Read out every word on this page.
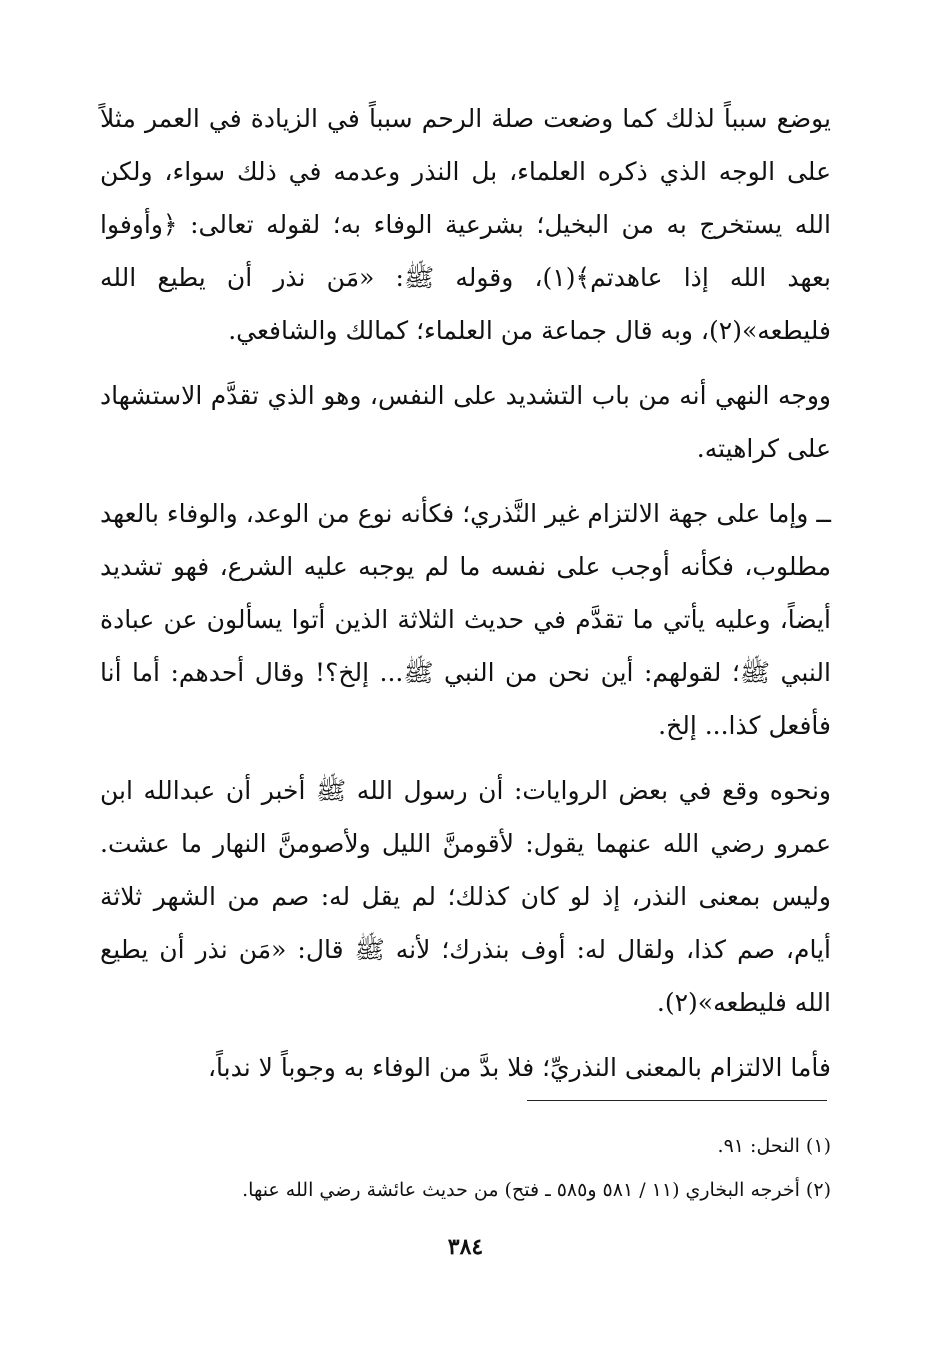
يوضع سبباً لذلك كما وضعت صلة الرحم سبباً في الزيادة في العمر مثلاً على الوجه الذي ذكره العلماء، بل النذر وعدمه في ذلك سواء، ولكن الله يستخرج به من البخيل؛ بشرعية الوفاء به؛ لقوله تعالى: ﴿وأوفوا بعهد الله إذا عاهدتم﴾(١)، وقوله ﷺ: «مَن نذر أن يطيع الله فليطعه»(٢)، وبه قال جماعة من العلماء؛ كمالك والشافعي.

ووجه النهي أنه من باب التشديد على النفس، وهو الذي تقدَّم الاستشهاد على كراهيته.

ــ وإما على جهة الالتزام غير النَّذري؛ فكأنه نوع من الوعد، والوفاء بالعهد مطلوب، فكأنه أوجب على نفسه ما لم يوجبه عليه الشرع، فهو تشديد أيضاً، وعليه يأتي ما تقدَّم في حديث الثلاثة الذين أتوا يسألون عن عبادة النبي ﷺ؛ لقولهم: أين نحن من النبي ﷺ... إلخ؟! وقال أحدهم: أما أنا فأفعل كذا... إلخ.

ونحوه وقع في بعض الروايات: أن رسول الله ﷺ أخبر أن عبدالله ابن عمرو رضي الله عنهما يقول: لأقومنَّ الليل ولأصومنَّ النهار ما عشت. وليس بمعنى النذر، إذ لو كان كذلك؛ لم يقل له: صم من الشهر ثلاثة أيام، صم كذا، ولقال له: أوف بنذرك؛ لأنه ﷺ قال: «مَن نذر أن يطيع الله فليطعه»(٢).

فأما الالتزام بالمعنى النذريِّ؛ فلا بدَّ من الوفاء به وجوباً لا ندباً،

(١) النحل: ٩١.

(٢) أخرجه البخاري (١١ / ٥٨١ و٥٨٥ ـ فتح) من حديث عائشة رضي الله عنها.

٣٨٤
